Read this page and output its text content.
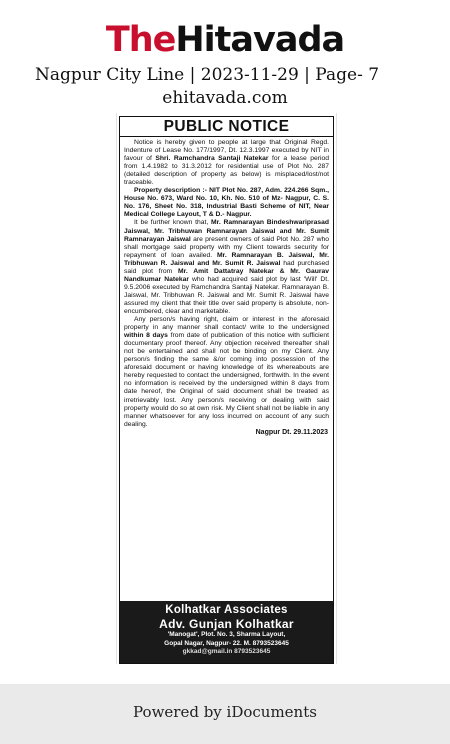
TheHitavada
Nagpur City Line | 2023-11-29 | Page- 7
ehitavada.com
PUBLIC NOTICE

Notice is hereby given to people at large that Original Regd. Indenture of Lease No. 177/1997, Dt. 12.3.1997 executed by NIT in favour of Shri. Ramchandra Santaji Natekar for a lease period from 1.4.1982 to 31.3.2012 for residential use of Plot No. 287 (detailed description of property as below) is misplaced/lost/not traceable.

Property description :- NIT Plot No. 287, Adm. 224.266 Sqm., House No. 673, Ward No. 10, Kh. No. 510 of Mz- Nagpur, C. S. No. 176, Sheet No. 318, Industrial Basti Scheme of NIT, Near Medical College Layout, T & D.- Nagpur.

It be further known that, Mr. Ramnarayan Bindeshwariprasad Jaiswal, Mr. Tribhuwan Ramnarayan Jaiswal and Mr. Sumit Ramnarayan Jaiswal are present owners of said Plot No. 287 who shall mortgage said property with my Client towards security for repayment of loan availed. Mr. Ramnarayan B. Jaiswal, Mr. Tribhuwan R. Jaiswal and Mr. Sumit R. Jaiswal had purchased said plot from Mr. Amit Dattatray Natekar & Mr. Gaurav Nandkumar Natekar who had acquired said plot by last 'Will' Dt. 9.5.2006 executed by Ramchandra Santaji Natekar. Ramnarayan B. Jaiswal, Mr. Tribhuwan R. Jaiswal and Mr. Sumit R. Jaiswal have assured my client that their title over said property is absolute, non-encumbered, clear and marketable.

Any person/s having right, claim or interest in the aforesaid property in any manner shall contact/ write to the undersigned within 8 days from date of publication of this notice with sufficient documentary proof thereof. Any objection received thereafter shall not be entertained and shall not be binding on my Client. Any person/s finding the same &/or coming into possession of the aforesaid document or having knowledge of its whereabouts are hereby requested to contact the undersigned, forthwith. In the event no information is received by the undersigned within 8 days from date hereof, the Original of said document shall be treated as irretrievably lost. Any person/s receiving or dealing with said property would do so at own risk. My Client shall not be liable in any manner whatsoever for any loss incurred on account of any such dealing.

Nagpur Dt. 29.11.2023
Kolhatkar Associates
Adv. Gunjan Kolhatkar
'Manogat', Plot. No. 3, Sharma Layout,
Gopal Nagar, Nagpur- 22. M. 8793523645
gkkad@gmail.in 8793523645
Powered by iDocuments
